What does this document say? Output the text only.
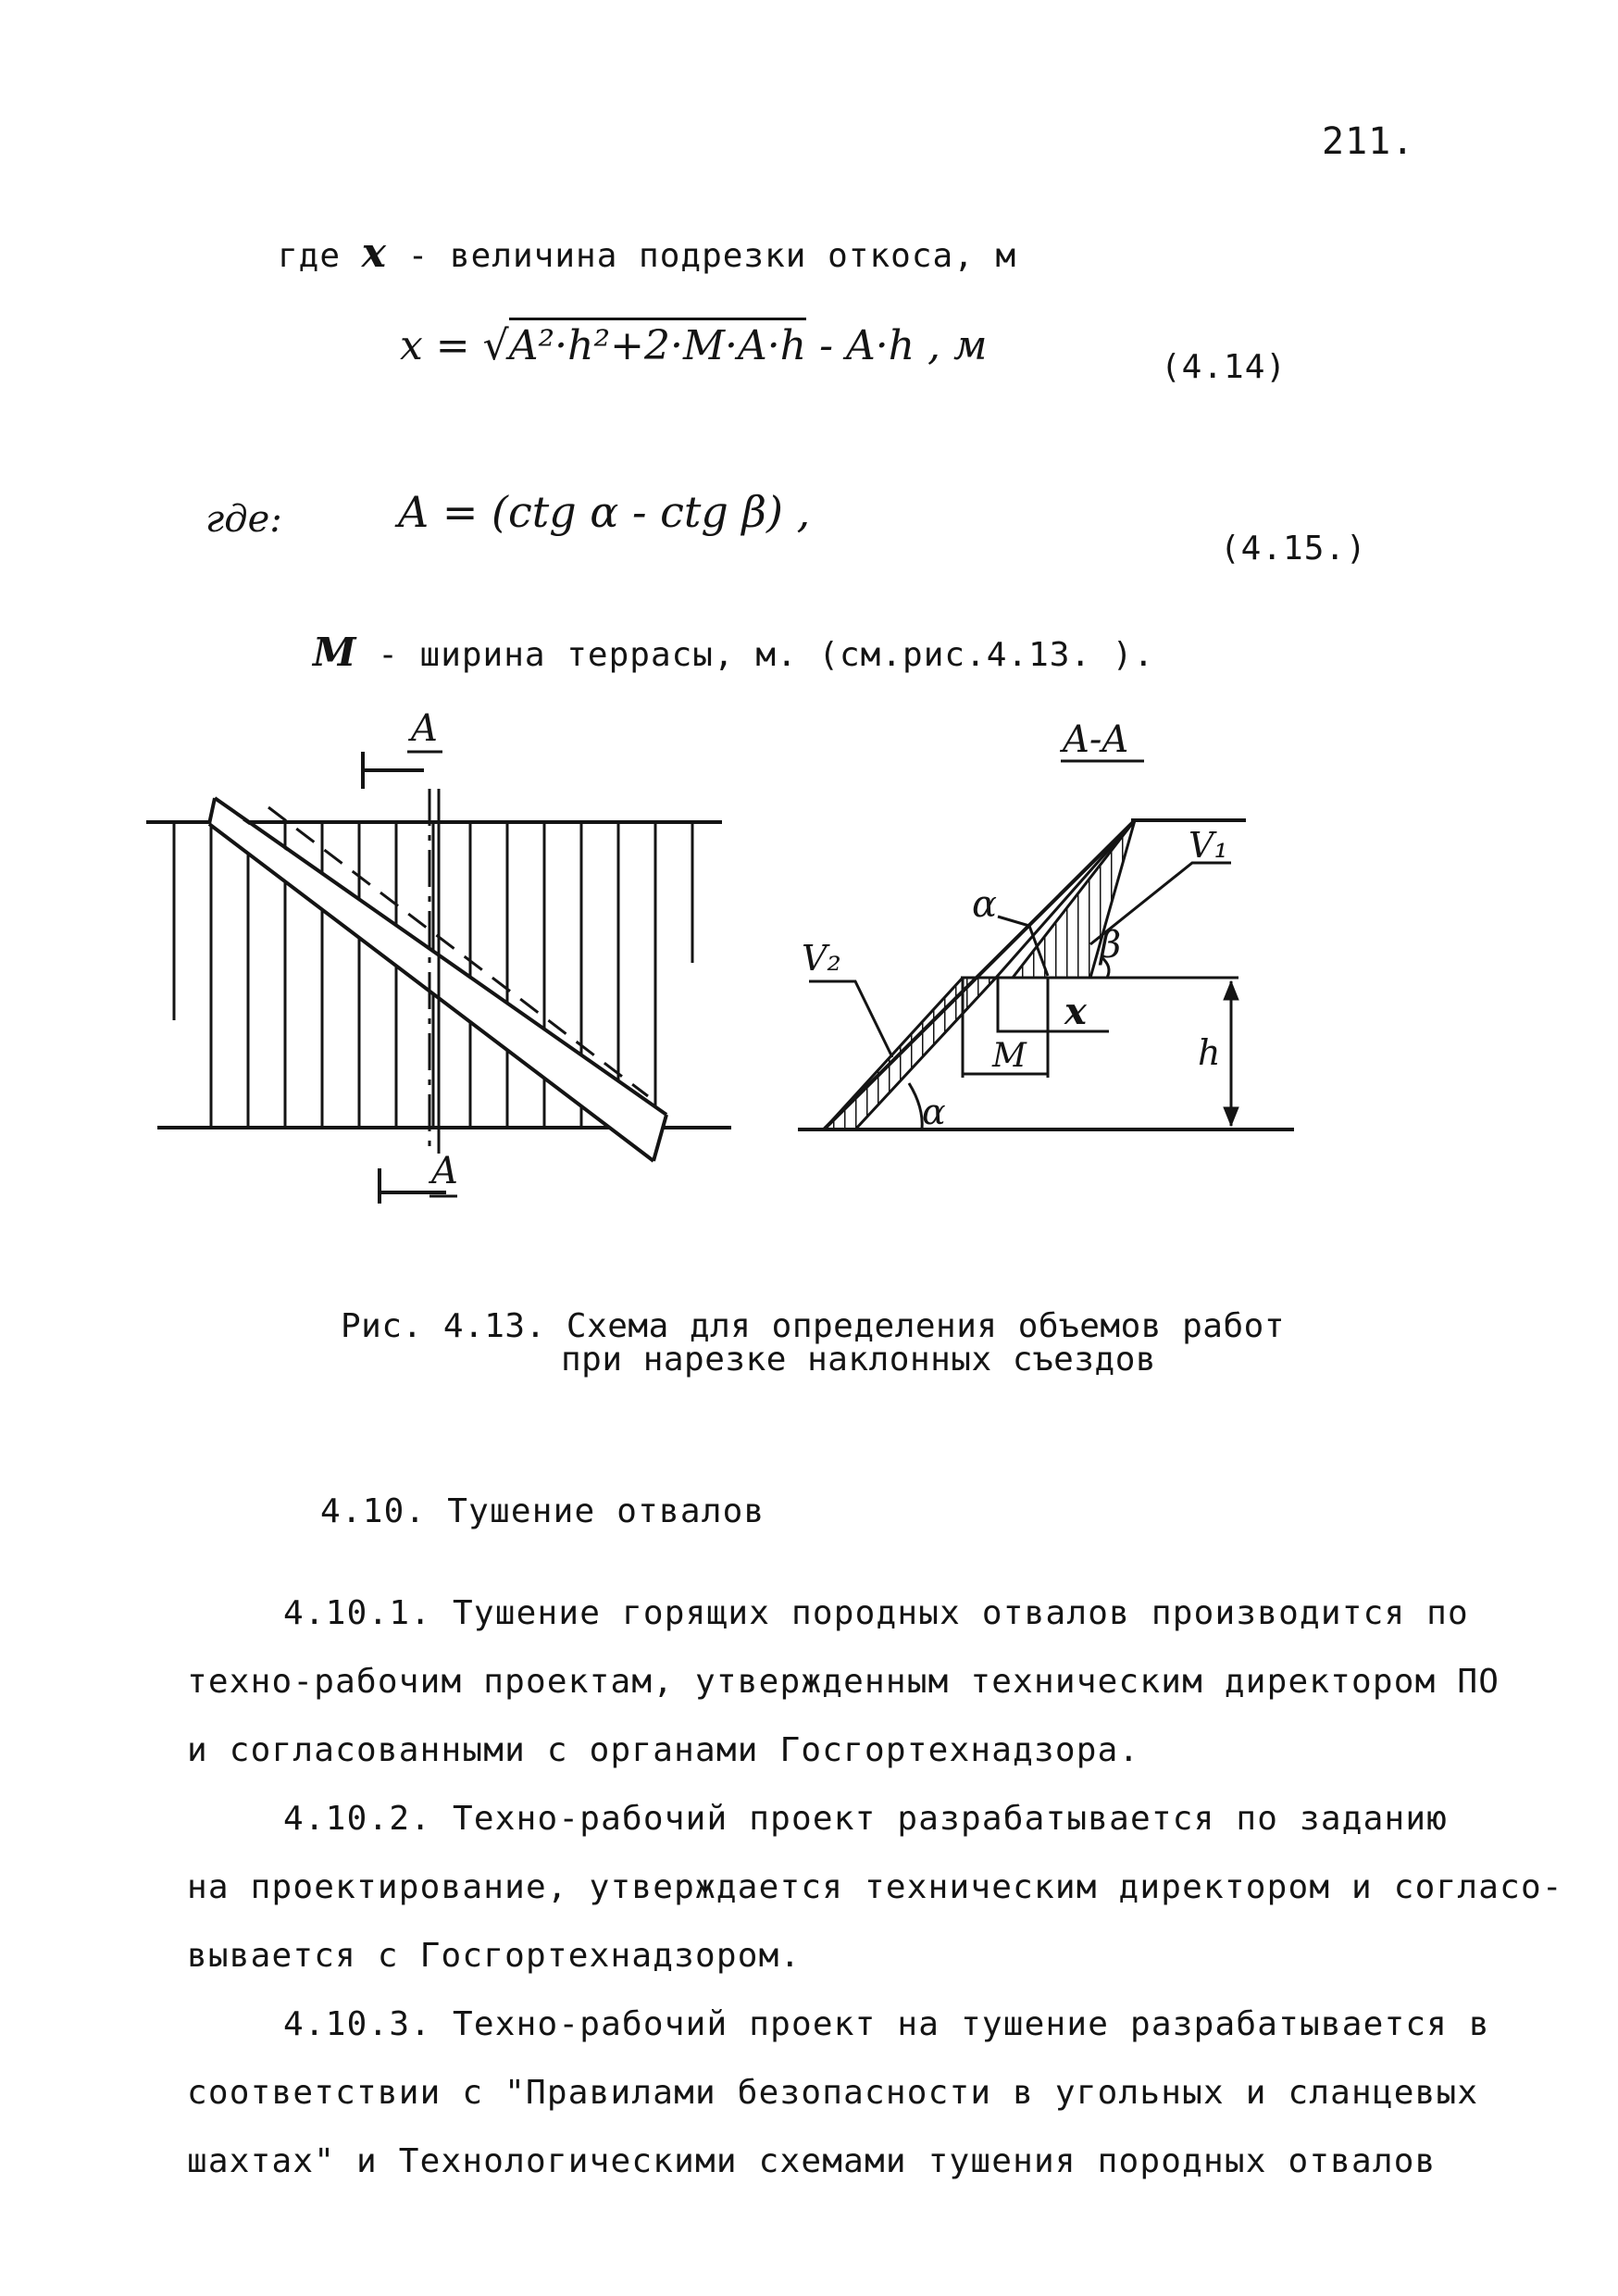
211.
где x - величина подрезки откоса, м
x = √A²·h²+2·M·A·h - A·h , м	(4.14)
где:	A = (ctg α - ctg β) ,
(4.15.)
M - ширина террасы, м. (см.рис.4.13. ).
A
A
A-A
V₁
V₂
α
β
x
M	h
α
Рис. 4.13. Схема для определения объемов работ
при нарезке наклонных съездов
4.10. Тушение отвалов
4.10.1. Тушение горящих породных отвалов производится по
техно-рабочим проектам, утвержденным техническим директором ПО
и согласованными с органами Госгортехнадзора.
4.10.2. Техно-рабочий проект разрабатывается по заданию
на проектирование, утверждается техническим директором и согласо-
вывается с Госгортехнадзором.
4.10.3. Техно-рабочий проект на тушение разрабатывается в
соответствии с "Правилами безопасности в угольных и сланцевых
шахтах" и Технологическими схемами тушения породных отвалов
